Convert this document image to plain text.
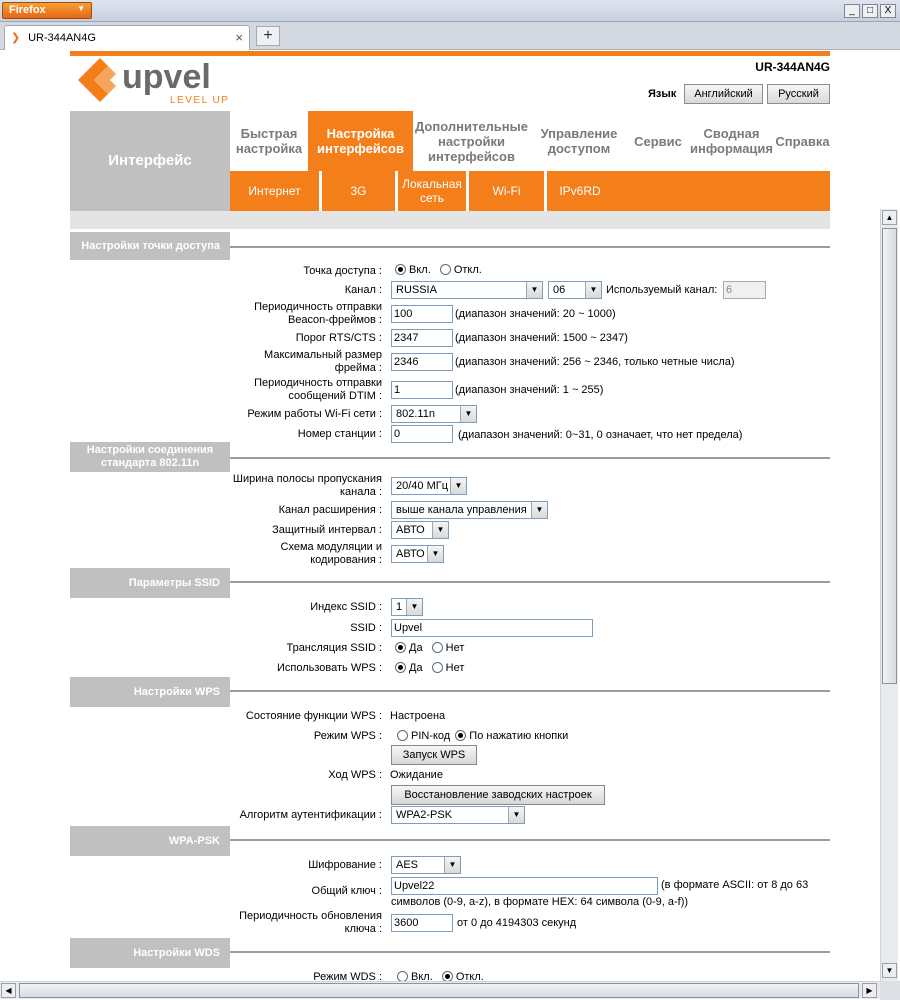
Firefox	▼	_	□	X
❯ UR-344AN4G	×	+
upvel
LEVEL UP
UR-344AN4G
Язык	Английский	Русский
Интерфейс
Быстрая настройка
Настройка интерфейсов
Дополнительные настройки интерфейсов
Управление доступом	Сервис	Сводная информация Справка
Интернет	3G	Локальная сеть	Wi-Fi	IPv6RD
Настройки точки доступа
Точка доступа :	Вкл. Откл.
Канал :	RUSSIA	▼	06	▼ Используемый канал: 6
Периодичность отправки Beacon-фреймов : 100	(диапазон значений: 20 ~ 1000)
Порог RTS/CTS : 2347	(диапазон значений: 1500 ~ 2347)
Максимальный размер фрейма : 2346	(диапазон значений: 256 ~ 2346, только четные числа)
Периодичность отправки сообщений DTIM : 1	(диапазон значений: 1 ~ 255)
Режим работы Wi-Fi сети :	802.11n	▼
Номер станции : 0	(диапазон значений: 0~31, 0 означает, что нет предела)
Настройки соединения стандарта 802.11n
Ширина полосы пропускания канала :	20/40 МГц ▼
Канал расширения :	выше канала управления	▼
Защитный интервал :	АВТО	▼
Схема модуляции и кодирования :	АВТО ▼
Параметры SSID
Индекс SSID :	1	▼
SSID : Upvel
Трансляция SSID :	Да Нет
Использовать WPS :	Да Нет
Настройки WPS
Состояние функции WPS : Настроена
Режим WPS :	PIN-код По нажатию кнопки
Запуск WPS
Ход WPS : Ожидание
Восстановление заводских настроек
Алгоритм аутентификации :	WPA2-PSK	▼
WPA-PSK
Шифрование :	AES	▼
Общий ключ : Upvel22	(в формате ASCII: от 8 до 63
символов (0-9, a-z), в формате HEX: 64 символа (0-9, a-f))
Периодичность обновления ключа : 3600	от 0 до 4194303 секунд
Настройки WDS
Режим WDS :	Вкл. Откл.
▲
▼
◀	▶
